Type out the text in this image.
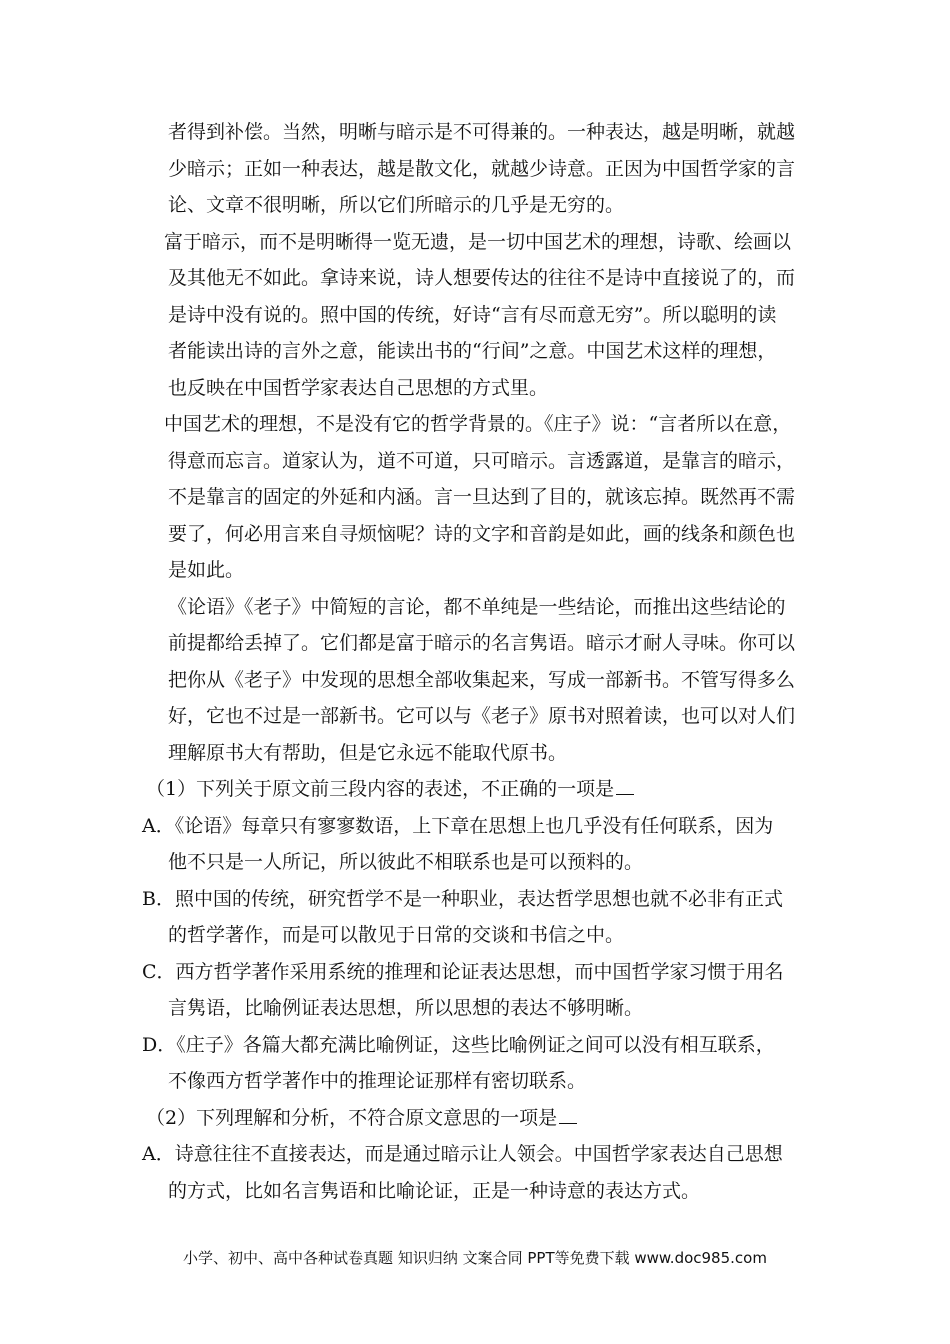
者得到补偿。当然，明晰与暗示是不可得兼的。一种表达，越是明晰，就越
少暗示；正如一种表达，越是散文化，就越少诗意。正因为中国哲学家的言
论、文章不很明晰，所以它们所暗示的几乎是无穷的。
富于暗示，而不是明晰得一览无遗，是一切中国艺术的理想，诗歌、绘画以
及其他无不如此。拿诗来说，诗人想要传达的往往不是诗中直接说了的，而
是诗中没有说的。照中国的传统，好诗“言有尽而意无穷”。所以聪明的读
者能读出诗的言外之意，能读出书的“行间”之意。中国艺术这样的理想，
也反映在中国哲学家表达自己思想的方式里。
中国艺术的理想，不是没有它的哲学背景的。《庄子》说：“言者所以在意，
得意而忘言。道家认为，道不可道，只可暗示。言透露道，是靠言的暗示，
不是靠言的固定的外延和内涵。言一旦达到了目的，就该忘掉。既然再不需
要了，何必用言来自寻烦恼呢？诗的文字和音韵是如此，画的线条和颜色也
是如此。
《论语》《老子》中简短的言论，都不单纯是一些结论，而推出这些结论的
前提都给丢掉了。它们都是富于暗示的名言隽语。暗示才耐人寻味。你可以
把你从《老子》中发现的思想全部收集起来，写成一部新书。不管写得多么
好，它也不过是一部新书。它可以与《老子》原书对照着读，也可以对人们
理解原书大有帮助，但是它永远不能取代原书。
（1）下列关于原文前三段内容的表述，不正确的一项是
A．《论语》每章只有寥寥数语，上下章在思想上也几乎没有任何联系，因为
他不只是一人所记，所以彼此不相联系也是可以预料的。
B．照中国的传统，研究哲学不是一种职业，表达哲学思想也就不必非有正式
的哲学著作，而是可以散见于日常的交谈和书信之中。
C．西方哲学著作采用系统的推理和论证表达思想，而中国哲学家习惯于用名
言隽语，比喻例证表达思想，所以思想的表达不够明晰。
D．《庄子》各篇大都充满比喻例证，这些比喻例证之间可以没有相互联系，
不像西方哲学著作中的推理论证那样有密切联系。
（2）下列理解和分析，不符合原文意思的一项是
A．诗意往往不直接表达，而是通过暗示让人领会。中国哲学家表达自己思想
的方式，比如名言隽语和比喻论证，正是一种诗意的表达方式。
小学、初中、高中各种试卷真题 知识归纳 文案合同 PPT等免费下载 www.doc985.com
